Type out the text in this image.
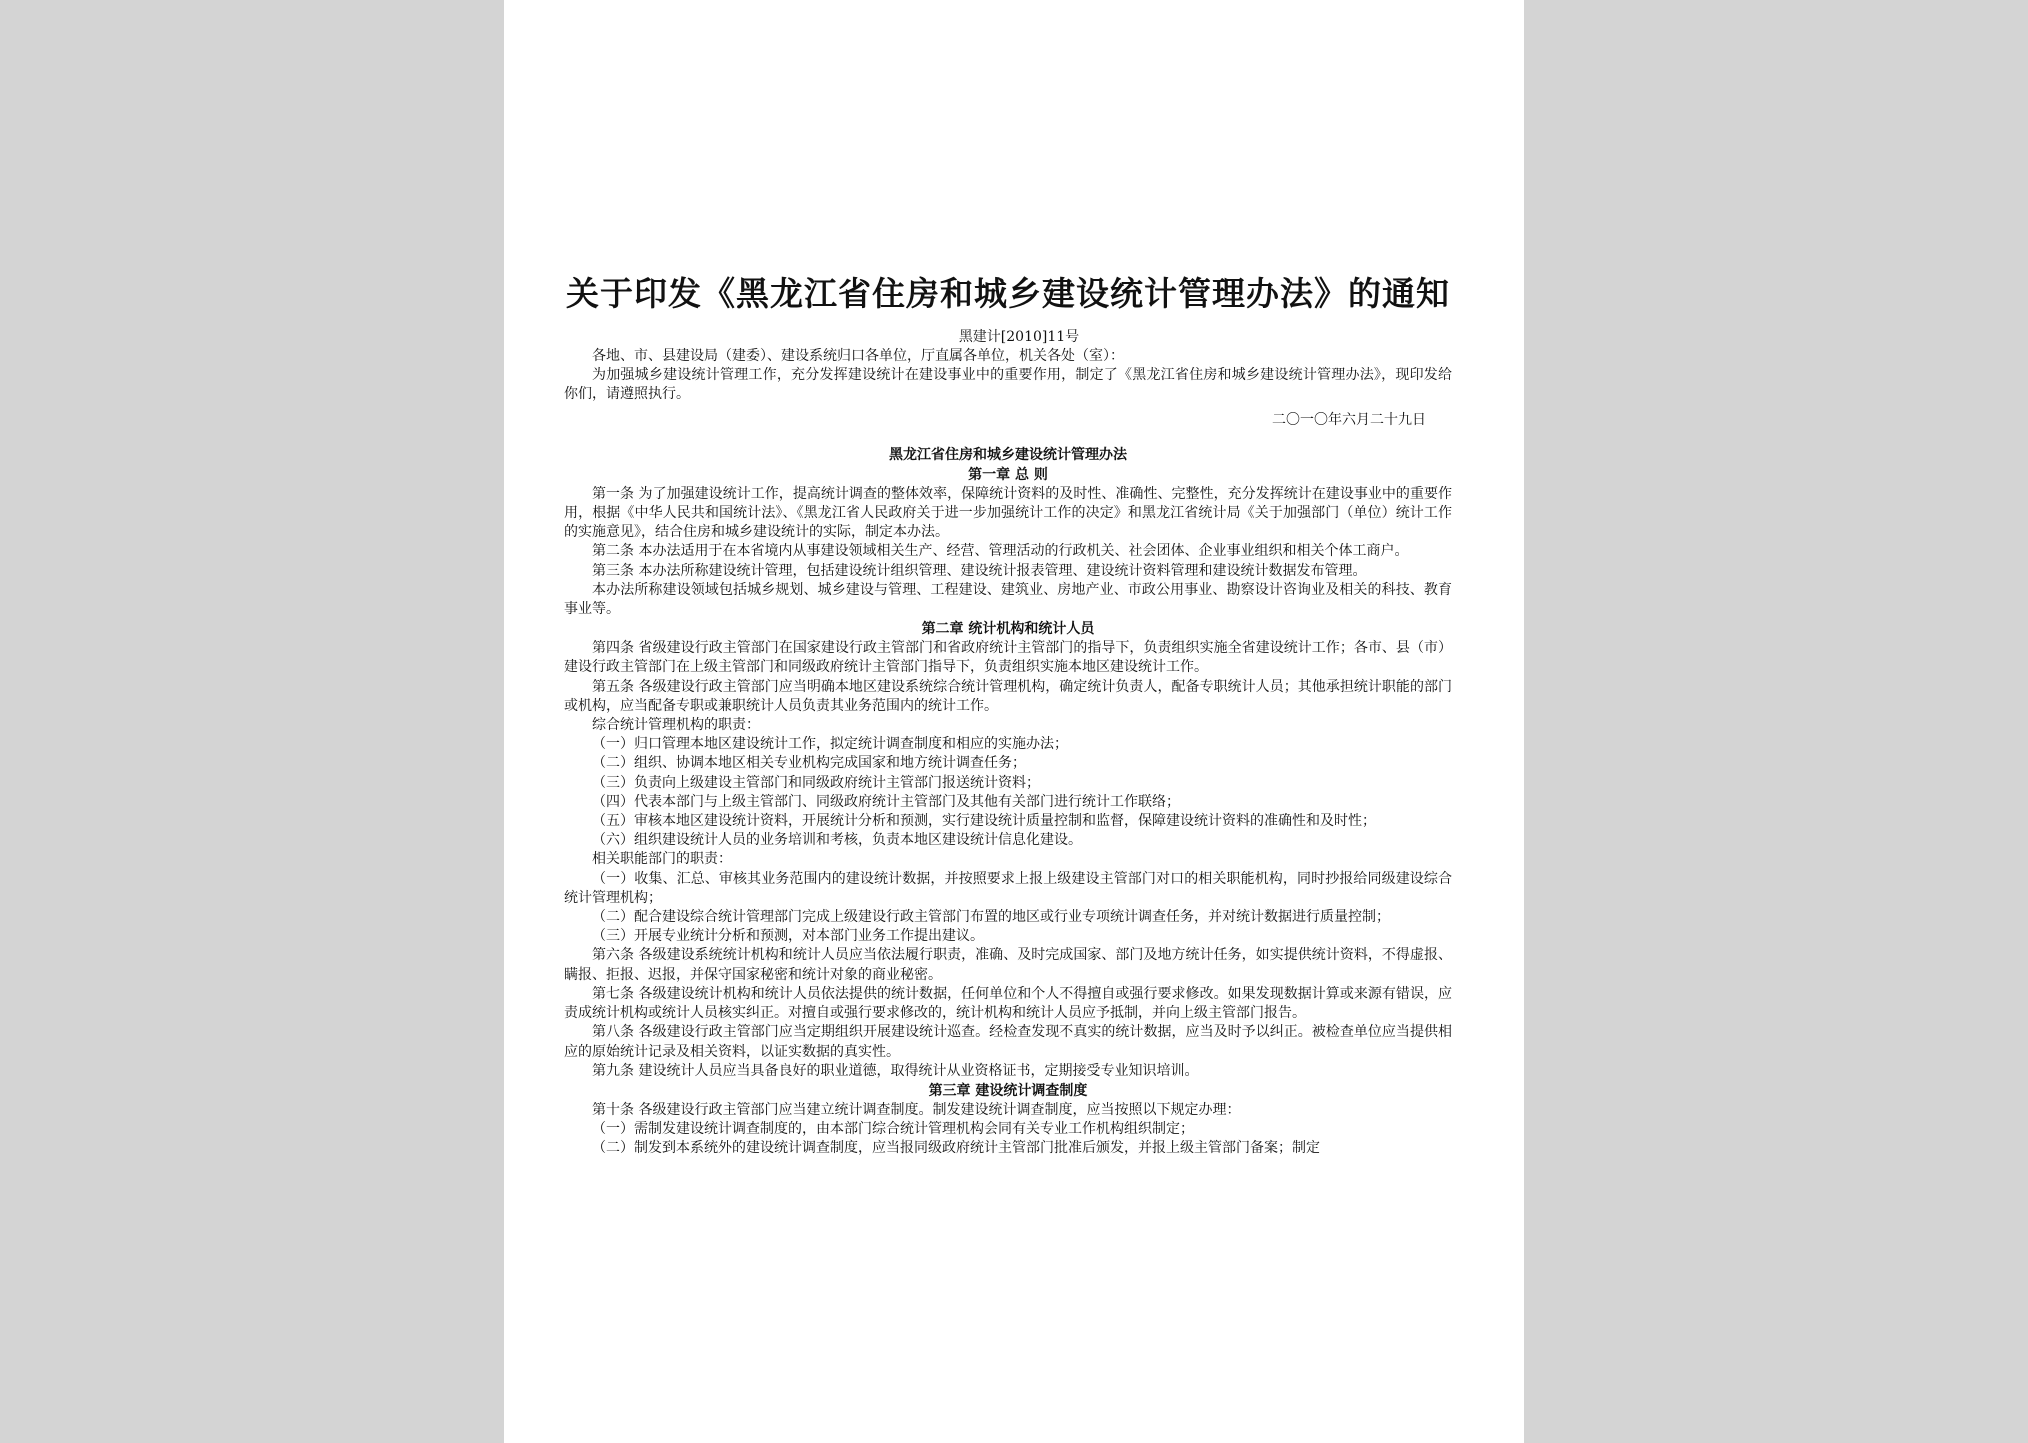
关于印发《黑龙江省住房和城乡建设统计管理办法》的通知
黑建计[2010]11号

各地、市、县建设局（建委）、建设系统归口各单位，厅直属各单位，机关各处（室）：

为加强城乡建设统计管理工作，充分发挥建设统计在建设事业中的重要作用，制定了《黑龙江省住房和城乡建设统计管理办法》，现印发给你们，请遵照执行。

二〇一〇年六月二十九日

黑龙江省住房和城乡建设统计管理办法
第一章 总 则

第一条 为了加强建设统计工作，提高统计调查的整体效率，保障统计资料的及时性、准确性、完整性，充分发挥统计在建设事业中的重要作用，根据《中华人民共和国统计法》、《黑龙江省人民政府关于进一步加强统计工作的决定》和黑龙江省统计局《关于加强部门（单位）统计工作的实施意见》，结合住房和城乡建设统计的实际，制定本办法。

第二条 本办法适用于在本省境内从事建设领域相关生产、经营、管理活动的行政机关、社会团体、企业事业组织和相关个体工商户。

第三条 本办法所称建设统计管理，包括建设统计组织管理、建设统计报表管理、建设统计资料管理和建设统计数据发布管理。

本办法所称建设领域包括城乡规划、城乡建设与管理、工程建设、建筑业、房地产业、市政公用事业、勘察设计咨询业及相关的科技、教育事业等。

第二章 统计机构和统计人员

第四条 省级建设行政主管部门在国家建设行政主管部门和省政府统计主管部门的指导下，负责组织实施全省建设统计工作；各市、县（市）建设行政主管部门在上级主管部门和同级政府统计主管部门指导下，负责组织实施本地区建设统计工作。

第五条 各级建设行政主管部门应当明确本地区建设系统综合统计管理机构，确定统计负责人，配备专职统计人员；其他承担统计职能的部门或机构，应当配备专职或兼职统计人员负责其业务范围内的统计工作。

综合统计管理机构的职责：

（一）归口管理本地区建设统计工作，拟定统计调查制度和相应的实施办法；

（二）组织、协调本地区相关专业机构完成国家和地方统计调查任务；

（三）负责向上级建设主管部门和同级政府统计主管部门报送统计资料；

（四）代表本部门与上级主管部门、同级政府统计主管部门及其他有关部门进行统计工作联络；

（五）审核本地区建设统计资料，开展统计分析和预测，实行建设统计质量控制和监督，保障建设统计资料的准确性和及时性；

（六）组织建设统计人员的业务培训和考核，负责本地区建设统计信息化建设。

相关职能部门的职责：

（一）收集、汇总、审核其业务范围内的建设统计数据，并按照要求上报上级建设主管部门对口的相关职能机构，同时抄报给同级建设综合统计管理机构；

（二）配合建设综合统计管理部门完成上级建设行政主管部门布置的地区或行业专项统计调查任务，并对统计数据进行质量控制；

（三）开展专业统计分析和预测，对本部门业务工作提出建议。

第六条 各级建设系统统计机构和统计人员应当依法履行职责，准确、及时完成国家、部门及地方统计任务，如实提供统计资料，不得虚报、瞒报、拒报、迟报，并保守国家秘密和统计对象的商业秘密。

第七条 各级建设统计机构和统计人员依法提供的统计数据，任何单位和个人不得擅自或强行要求修改。如果发现数据计算或来源有错误，应责成统计机构或统计人员核实纠正。对擅自或强行要求修改的，统计机构和统计人员应予抵制，并向上级主管部门报告。

第八条 各级建设行政主管部门应当定期组织开展建设统计巡查。经检查发现不真实的统计数据，应当及时予以纠正。被检查单位应当提供相应的原始统计记录及相关资料，以证实数据的真实性。

第九条 建设统计人员应当具备良好的职业道德，取得统计从业资格证书，定期接受专业知识培训。

第三章 建设统计调查制度

第十条 各级建设行政主管部门应当建立统计调查制度。制发建设统计调查制度，应当按照以下规定办理：

（一）需制发建设统计调查制度的，由本部门综合统计管理机构会同有关专业工作机构组织制定；

（二）制发到本系统外的建设统计调查制度，应当报同级政府统计主管部门批准后颁发，并报上级主管部门备案；制定
